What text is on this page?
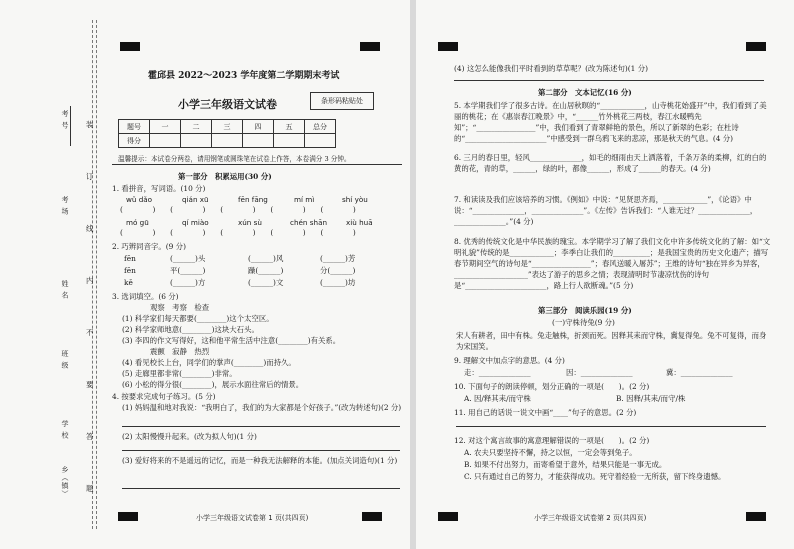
考 号
考 场
姓 名
班 级
学 校
乡（镇）
装
订
线
内
不
要
答
题
霍邱县 2022～2023 学年度第二学期期末考试
小学三年级语文试卷	条形码粘贴处
题号	一	二	三	四	五	总分
得分						
温馨提示：本试卷分两卷，请用钢笔或圆珠笔在试卷上作答，本卷满分 3 分钟。
第一部分　积累运用(30 分)
1. 看拼音，写词语。(10 分)
wǔ dǎo	qián xū	fēn fāng	mí mì	shí yòu
(　　　　)　　(　　　　)　　(　　　　)　　(　　　　)　　(　　　　)
mó gū	qí miào	xún sù	chén shān	xiù huā
(　　　　)　　(　　　　)　　(　　　　)　　(　　　　)　　(　　　　)
2. 巧辨同音字。(9 分)
fēn	(______)头	(______)风	(______)芳
fēn	平(______)	躁(______)	分(______)
kě	(______)方	(______)文	(______)坊
3. 选词填空。(6 分)
观察　考察　检查
(1) 科学家们每天都要(________)这个太空区。
(2) 科学家师地意(________)这块大石头。
(3) 李四的作文写得好，这和他平常生活中注意(________)有关系。
震颤　寂静　热烈
(4) 看见校长上台，同学们的掌声(________)而持久。
(5) 走廊里都非常(________)非常。
(6) 小松的得分很(________)，展示水面往常后的情景。
4. 按要求完成句子练习。(5 分)
(1) 妈妈温和地对我说：“我明白了，我们的为大家都是个好孩子。”(改为转述句)(2 分)
(2) 太阳慢慢升起来。(改为拟人句)(1 分)
(3) 爱好将来的不是遥远的记忆，而是一种我无法解释的本能。(加点关词造句)(1 分)
小学三年级语文试卷第 1 页(共四页)
(4) 这怎么能像我们平时看到的草草呢？(改为陈述句)(1 分)
第二部分　文本记忆(16 分)
5. 本学期我们学了很多古诗。在山居秋暝的“____________，山寺桃花始盛开”中，我们看到了美丽的桃花；在《惠崇春江晚景》中，“______竹外桃花三两枝，春江水暖鸭先知”；“________________”中，我们看到了青翠鲜艳的景色，所以了新翠的色彩；在杜诗的“______________________”中感受到一群乌鸦飞来的悲凉，那是秋天的气息。(4 分)
6. 三月的春日里，轻风______________，如毛的细雨由天上洒落着，千条万条的柔柳，红的白的黄的花，青的草，______，绿的叶，都像______，形成了______的春天。(4 分)
7. 和读读及我们应该培养的习惯。《例如》中说：“见贤思齐焉，____________”，《论语》中说：“______________，______________”。《左传》告诉我们：“人谁无过？______________，______________。”(4 分)
8. 优秀的传统文化是中华民族的瑰宝。本学期学习了解了我们文化中许多传统文化的了解：如“文明礼貌”传统的是____________；李季白让我们的__________；是我国宝贵的历史文化遗产；描写春节期间空气的诗句是“________________”；春风送暖入屠苏”；王维的诗句“独在异乡为异客，____________________”表达了游子的思乡之情；表现清明时节凄凉忧伤的诗句是“______________________，路上行人欲断魂。”(5 分)
第三部分　阅读乐园(19 分)
(一)守株待兔(9 分)
宋人有耕者，田中有株。兔走触株，折颈而死。因释其耒而守株，冀复得兔。兔不可复得，而身为宋国笑。
9. 理解文中加点字的意思。(4 分)
走：______________	因：______________	冀：______________
10. 下面句子的朗读停顿，划分正确的一项是(　　)。(2 分)
A. 因/释其耒/而守株	B. 因释/其耒/而守/株
11. 用自己的话说一说文中画“____”句子的意思。(2 分)
12. 对这个寓言故事的寓意理解错误的一项是(　　)。(2 分)
A. 农夫只要坚持不懈，持之以恒，一定会等到兔子。
B. 如果不付出努力，而寄希望于意外，结果只能是一事无成。
C. 只有通过自己的努力，才能获得成功。死守着经验一无所获，留下终身遗憾。
小学三年级语文试卷第 2 页(共四页)
